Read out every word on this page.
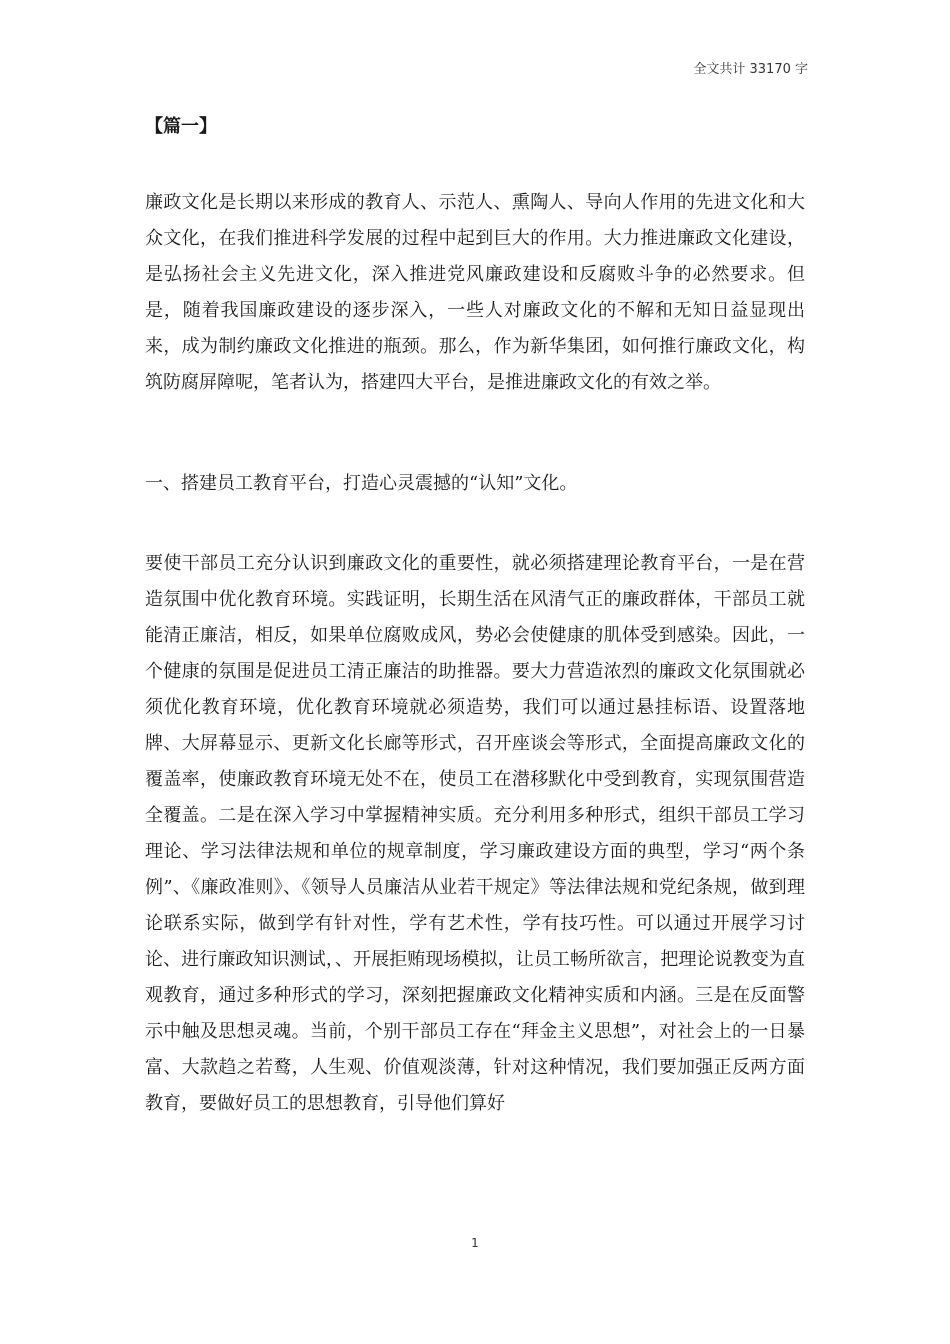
全文共计 33170 字
【篇一】

廉政文化是长期以来形成的教育人、示范人、熏陶人、导向人作用的先进文化和大众文化，在我们推进科学发展的过程中起到巨大的作用。大力推进廉政文化建设，是弘扬社会主义先进文化，深入推进党风廉政建设和反腐败斗争的必然要求。但是，随着我国廉政建设的逐步深入，一些人对廉政文化的不解和无知日益显现出来，成为制约廉政文化推进的瓶颈。那么，作为新华集团，如何推行廉政文化，构筑防腐屏障呢，笔者认为，搭建四大平台，是推进廉政文化的有效之举。

一、搭建员工教育平台，打造心灵震撼的“认知”文化。

要使干部员工充分认识到廉政文化的重要性，就必须搭建理论教育平台，一是在营造氛围中优化教育环境。实践证明，长期生活在风清气正的廉政群体，干部员工就能清正廉洁，相反，如果单位腐败成风，势必会使健康的肌体受到感染。因此，一个健康的氛围是促进员工清正廉洁的助推器。要大力营造浓烈的廉政文化氛围就必须优化教育环境，优化教育环境就必须造势，我们可以通过悬挂标语、设置落地牌、大屏幕显示、更新文化长廊等形式，召开座谈会等形式，全面提高廉政文化的覆盖率，使廉政教育环境无处不在，使员工在潜移默化中受到教育，实现氛围营造全覆盖。二是在深入学习中掌握精神实质。充分利用多种形式，组织干部员工学习理论、学习法律法规和单位的规章制度，学习廉政建设方面的典型，学习“两个条例”、《廉政准则》、《领导人员廉洁从业若干规定》等法律法规和党纪条规，做到理论联系实际，做到学有针对性，学有艺术性，学有技巧性。可以通过开展学习讨论、进行廉政知识测试，、开展拒贿现场模拟，让员工畅所欲言，把理论说教变为直观教育，通过多种形式的学习，深刻把握廉政文化精神实质和内涵。三是在反面警示中触及思想灵魂。当前，个别干部员工存在“拜金主义思想”，对社会上的一日暴富、大款趋之若鹜，人生观、价值观淡薄，针对这种情况，我们要加强正反两方面教育，要做好员工的思想教育，引导他们算好

1
